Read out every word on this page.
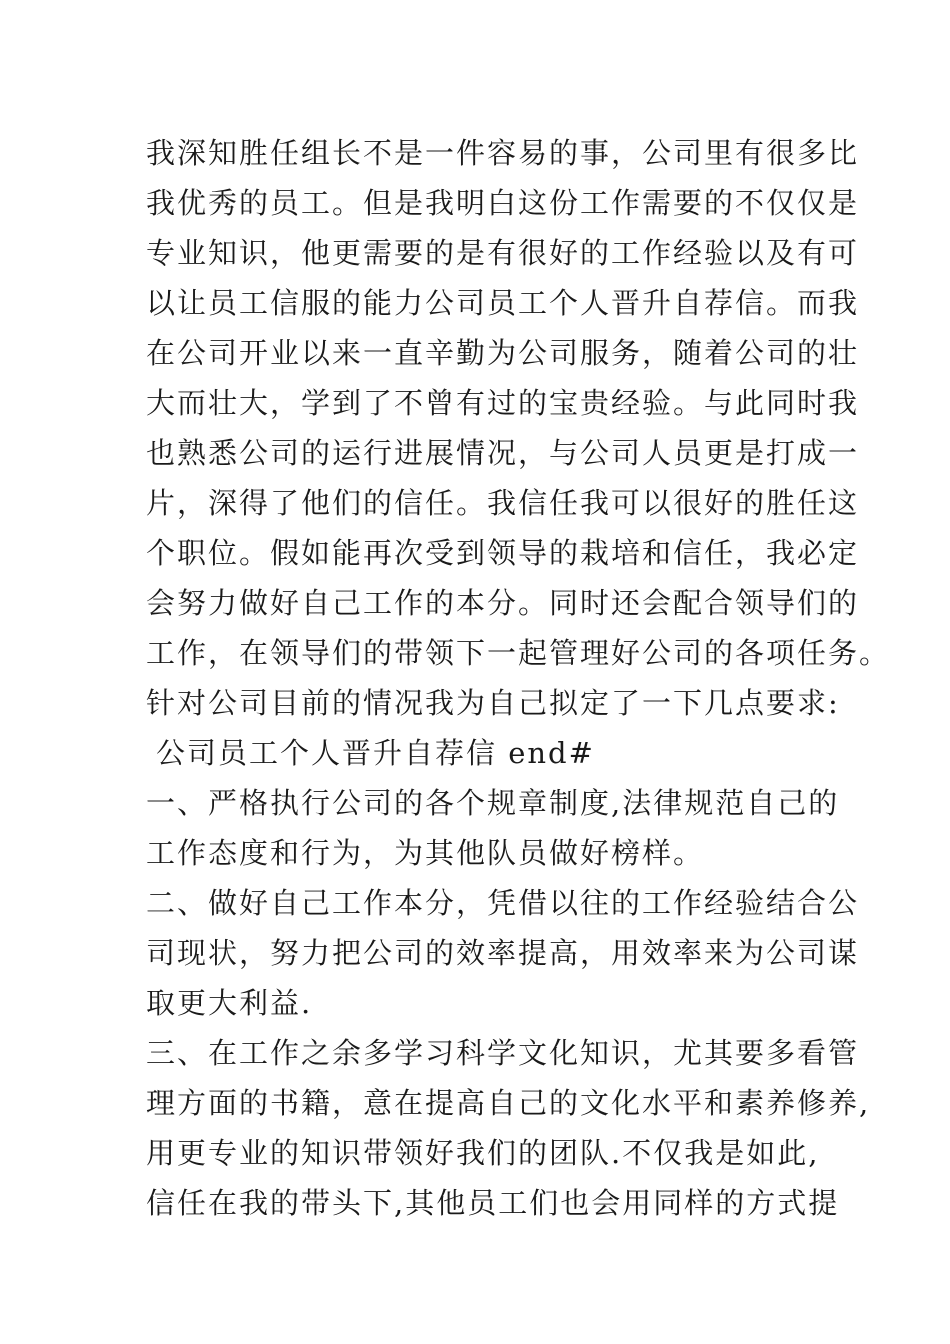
我深知胜任组长不是一件容易的事，公司里有很多比
我优秀的员工。但是我明白这份工作需要的不仅仅是
专业知识，他更需要的是有很好的工作经验以及有可
以让员工信服的能力公司员工个人晋升自荐信。而我
在公司开业以来一直辛勤为公司服务，随着公司的壮
大而壮大，学到了不曾有过的宝贵经验。与此同时我
也熟悉公司的运行进展情况，与公司人员更是打成一
片，深得了他们的信任。我信任我可以很好的胜任这
个职位。假如能再次受到领导的栽培和信任，我必定
会努力做好自己工作的本分。同时还会配合领导们的
工作，在领导们的带领下一起管理好公司的各项任务。
针对公司目前的情况我为自己拟定了一下几点要求:
公司员工个人晋升自荐信 end#
一、严格执行公司的各个规章制度,法律规范自己的
工作态度和行为，为其他队员做好榜样。
二、做好自己工作本分，凭借以往的工作经验结合公
司现状，努力把公司的效率提高，用效率来为公司谋
取更大利益.
三、在工作之余多学习科学文化知识，尤其要多看管
理方面的书籍，意在提高自己的文化水平和素养修养,
用更专业的知识带领好我们的团队.不仅我是如此,
信任在我的带头下,其他员工们也会用同样的方式提
